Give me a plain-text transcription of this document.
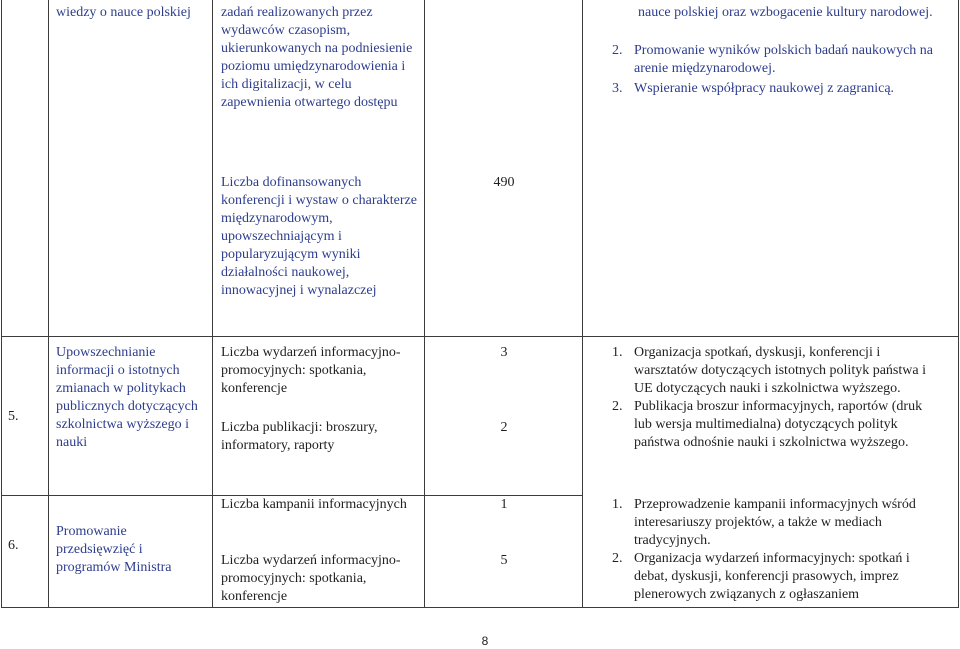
wiedzy o nauce polskiej	zadań realizowanych przez wydawców czasopism, ukierunkowanych na podniesienie poziomu umiędzynarodowienia i ich digitalizacji, w celu zapewnienia otwartego dostępu
Liczba dofinansowanych konferencji i wystaw o charakterze międzynarodowym, upowszechniającym i popularyzującym wyniki działalności naukowej, innowacyjnej i wynalazczej
490
nauce polskiej oraz wzbogacenie kultury narodowej.
2. Promowanie wyników polskich badań naukowych na arenie międzynarodowej.
3. Wspieranie współpracy naukowej z zagranicą.
5.
Upowszechnianie informacji o istotnych zmianach w politykach publicznych dotyczących szkolnictwa wyższego i nauki
Liczba wydarzeń informacyjno-promocyjnych: spotkania, konferencje
Liczba publikacji: broszury, informatory, raporty
3
2
1. Organizacja spotkań, dyskusji, konferencji i warsztatów dotyczących istotnych polityk państwa i UE dotyczących nauki i szkolnictwa wyższego.
2. Publikacja broszur informacyjnych, raportów (druk lub wersja multimedialna) dotyczących polityk państwa odnośnie nauki i szkolnictwa wyższego.
6.
Promowanie przedsięwzięć i programów Ministra
Liczba kampanii informacyjnych
Liczba wydarzeń informacyjno-promocyjnych: spotkania, konferencje
1
5
1. Przeprowadzenie kampanii informacyjnych wśród interesariuszy projektów, a także w mediach tradycyjnych.
2. Organizacja wydarzeń informacyjnych: spotkań i debat, dyskusji, konferencji prasowych, imprez plenerowych związanych z ogłaszaniem
8
